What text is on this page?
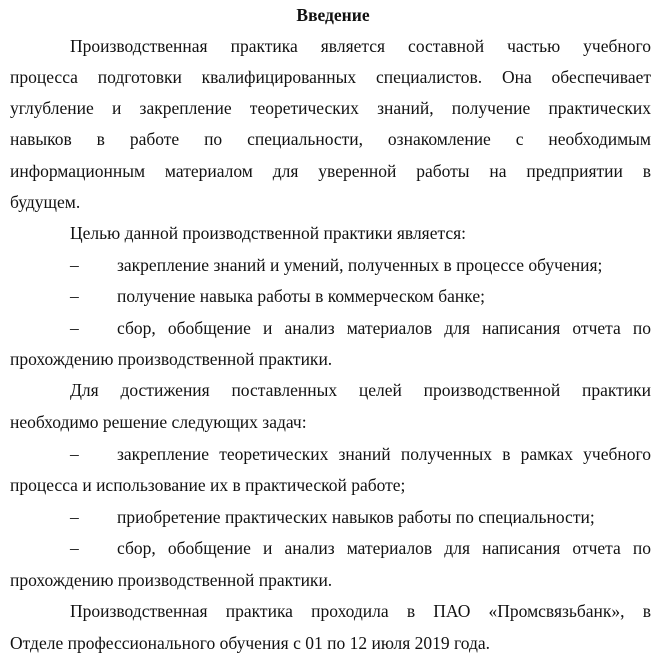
Введение
Производственная практика является составной частью учебного
процесса подготовки квалифицированных специалистов. Она обеспечивает
углубление и закрепление теоретических знаний, получение практических
навыков в работе по специальности, ознакомление с необходимым
информационным материалом для уверенной работы на предприятии в
будущем.
Целью данной производственной практики является:
– закрепление знаний и умений, полученных в процессе обучения;
– получение навыка работы в коммерческом банке;
– сбор, обобщение и анализ материалов для написания отчета по
прохождению производственной практики.
Для достижения поставленных целей производственной практики
необходимо решение следующих задач:
– закрепление теоретических знаний полученных в рамках учебного
процесса и использование их в практической работе;
– приобретение практических навыков работы по специальности;
– сбор, обобщение и анализ материалов для написания отчета по
прохождению производственной практики.
Производственная практика проходила в ПАО «Промсвязьбанк», в
Отделе профессионального обучения с 01 по 12 июля 2019 года.
